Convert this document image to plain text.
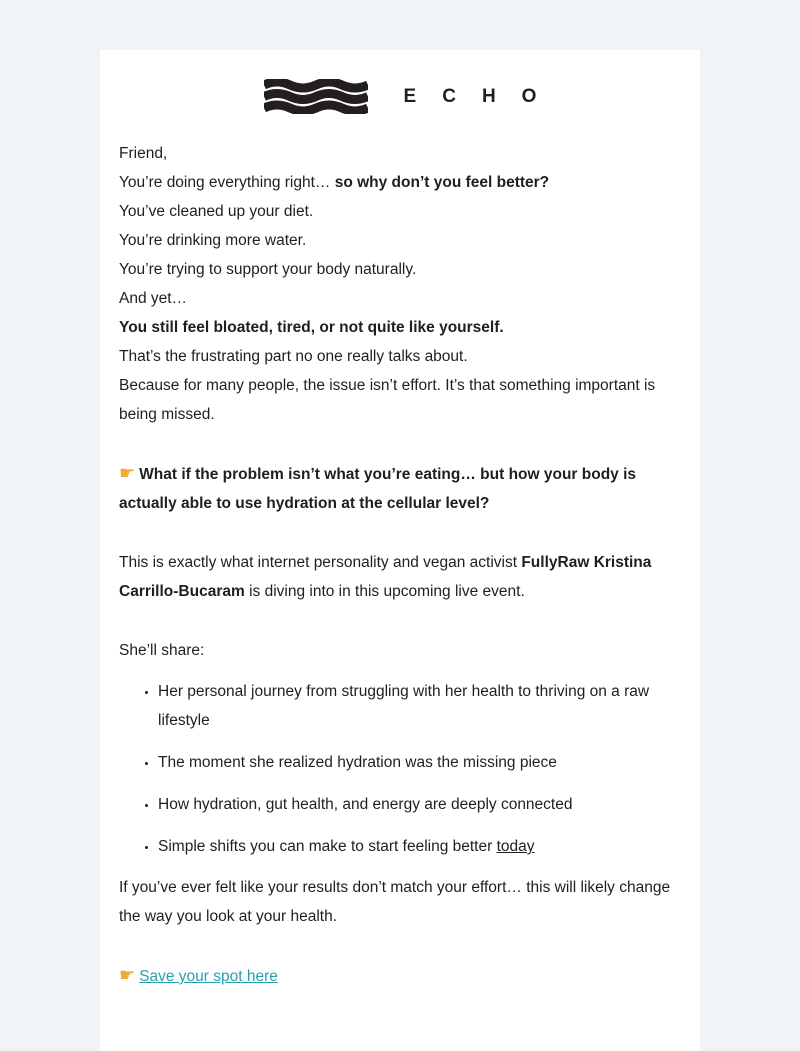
ECHO

Friend,

You’re doing everything right… so why don’t you feel better?

You’ve cleaned up your diet.

You’re drinking more water.

You’re trying to support your body naturally.

And yet…

You still feel bloated, tired, or not quite like yourself.

That’s the frustrating part no one really talks about.

Because for many people, the issue isn’t effort. It’s that something important is being missed.

☛ What if the problem isn’t what you’re eating… but how your body is actually able to use hydration at the cellular level?

This is exactly what internet personality and vegan activist FullyRaw Kristina Carrillo-Bucaram is diving into in this upcoming live event.

She’ll share:

• Her personal journey from struggling with her health to thriving on a raw lifestyle
• The moment she realized hydration was the missing piece
• How hydration, gut health, and energy are deeply connected
• Simple shifts you can make to start feeling better today

If you’ve ever felt like your results don’t match your effort… this will likely change the way you look at your health.

☛ Save your spot here
